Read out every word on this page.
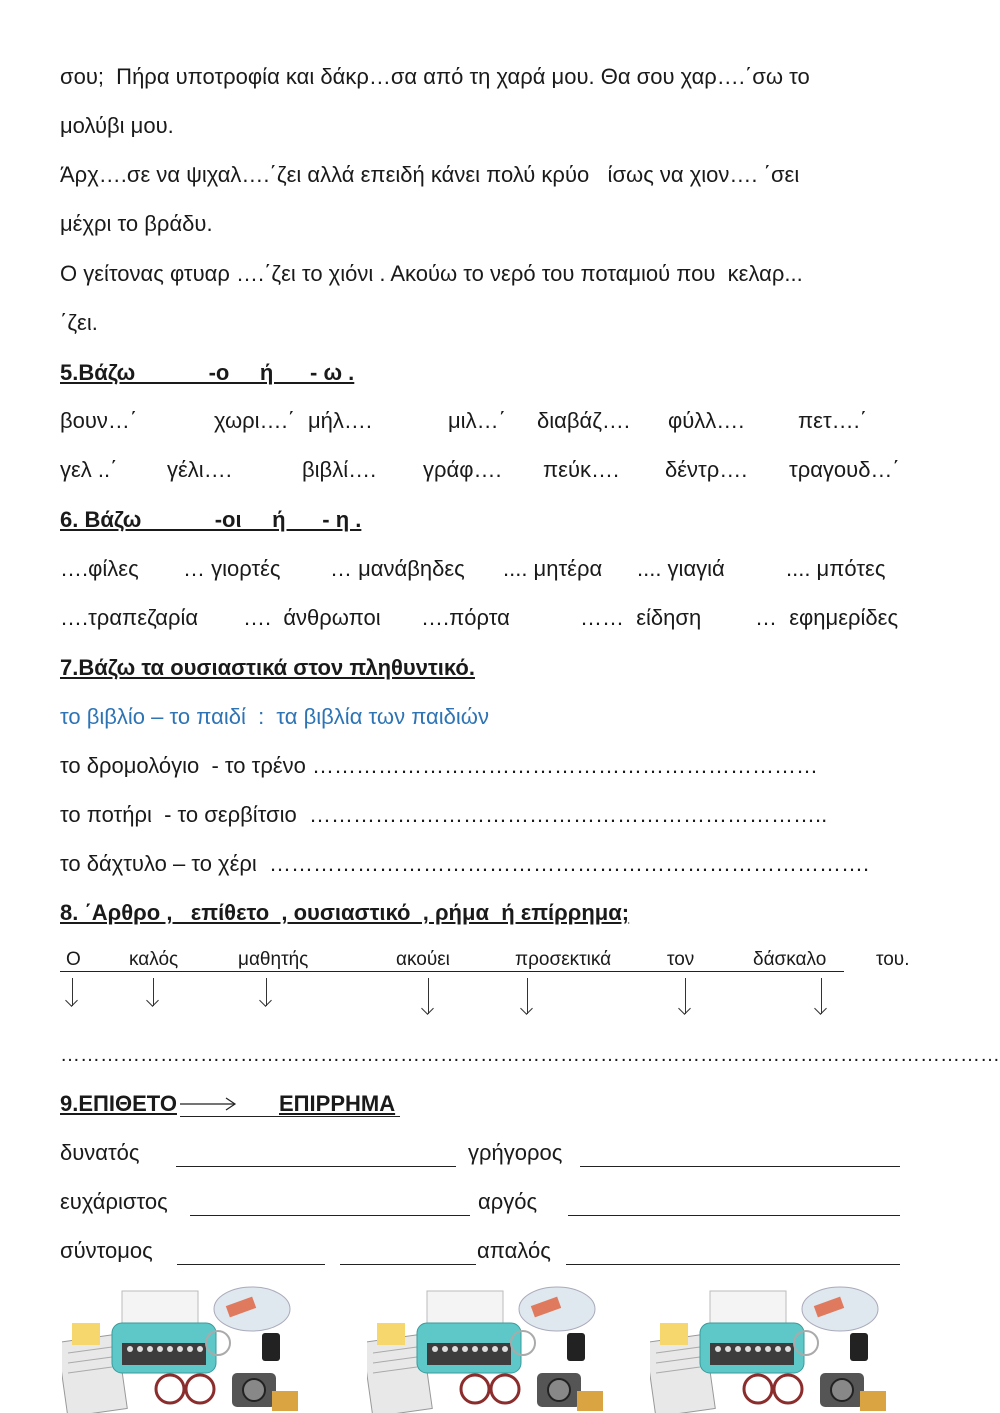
σου;  Πήρα υποτροφία και δάκρ…σα από τη χαρά μου. Θα σου χαρ….΄σω το
μολύβι μου.
Άρχ….σε να ψιχαλ….΄ζει αλλά επειδή κάνει πολύ κρύο   ίσως να χιον…. ΄σει
μέχρι το βράδυ.
Ο γείτονας φτυαρ ….΄ζει το χιόνι . Ακούω το νερό του ποταμιού που  κελαρ...
΄ζει.
5.Βάζω            -ο     ή      - ω .
βουν…΄	χωρι….΄ μήλ….	μιλ…΄ διαβάζ…. φύλλ…. πετ….΄
γελ ..΄ γέλι….	βιβλί…. γράφ…. πεύκ…. δέντρ…. τραγουδ…΄
6. Βάζω            -οι     ή      - η .
….φίλες … γιορτές … μανάβηδες .... μητέρα .... γιαγιά	.... μπότες
….τραπεζαρία ….  άνθρωποι ….πόρτα	……  είδηση …  εφημερίδες
7.Βάζω τα ουσιαστικά στον πληθυντικό.
το βιβλίο – το παιδί  :  τα βιβλία των παιδιών
το δρομολόγιο  - το τρένο ……………………………………………………………
το ποτήρι  - το σερβίτσιο  ……………………………………………………………..
το δάχτυλο – το χέρι  ……………………………………………………………………….
8. ΄Αρθρο ,   επίθετο  , ουσιαστικό  , ρήμα  ή επίρρημα;
Ο	καλός	μαθητής	ακούει	προσεκτικά	τον	δάσκαλο	του.
……………………………………………………………………………………………………………………………
9.ΕΠΙΘΕΤΟ	ΕΠΙΡΡΗΜΑ
δυνατός	γρήγορος
ευχάριστος	αργός
σύντομος	απαλός
